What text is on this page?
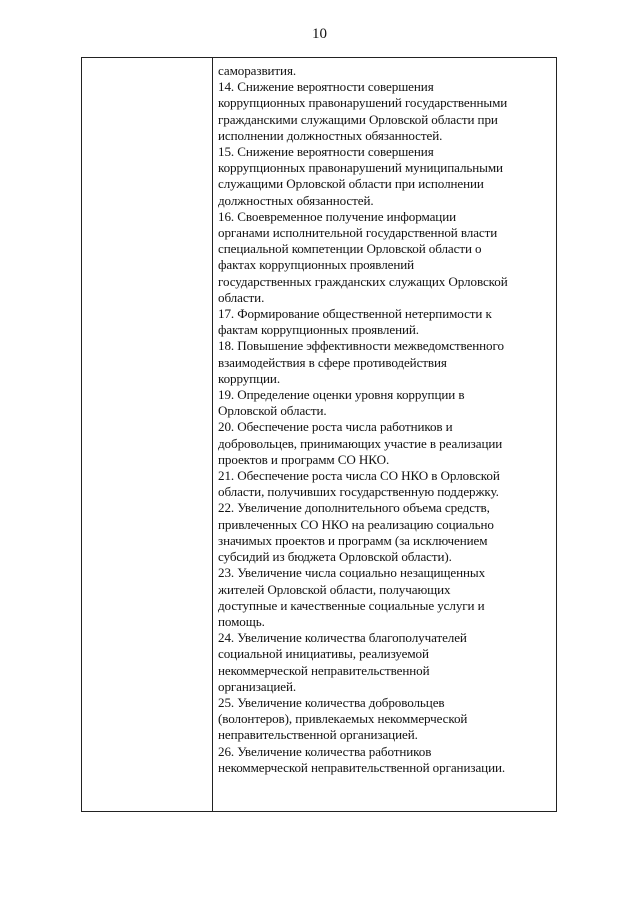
10
саморазвития.
14. Снижение вероятности совершения
коррупционных правонарушений государственными
гражданскими служащими Орловской области при
исполнении должностных обязанностей.
15. Снижение вероятности совершения
коррупционных правонарушений муниципальными
служащими Орловской области при исполнении
должностных обязанностей.
16. Своевременное получение информации
органами исполнительной государственной власти
специальной компетенции Орловской области о
фактах коррупционных проявлений
государственных гражданских служащих Орловской
области.
17. Формирование общественной нетерпимости к
фактам коррупционных проявлений.
18. Повышение эффективности межведомственного
взаимодействия в сфере противодействия
коррупции.
19. Определение оценки уровня коррупции в
Орловской области.
20. Обеспечение роста числа работников и
добровольцев, принимающих участие в реализации
проектов и программ СО НКО.
21. Обеспечение роста числа СО НКО в Орловской
области, получивших государственную поддержку.
22. Увеличение дополнительного объема средств,
привлеченных СО НКО на реализацию социально
значимых проектов и программ (за исключением
субсидий из бюджета Орловской области).
23. Увеличение числа социально незащищенных
жителей Орловской области, получающих
доступные и качественные социальные услуги и
помощь.
24. Увеличение количества благополучателей
социальной инициативы, реализуемой
некоммерческой неправительственной
организацией.
25. Увеличение количества добровольцев
(волонтеров), привлекаемых некоммерческой
неправительственной организацией.
26. Увеличение количества работников
некоммерческой неправительственной организации.
